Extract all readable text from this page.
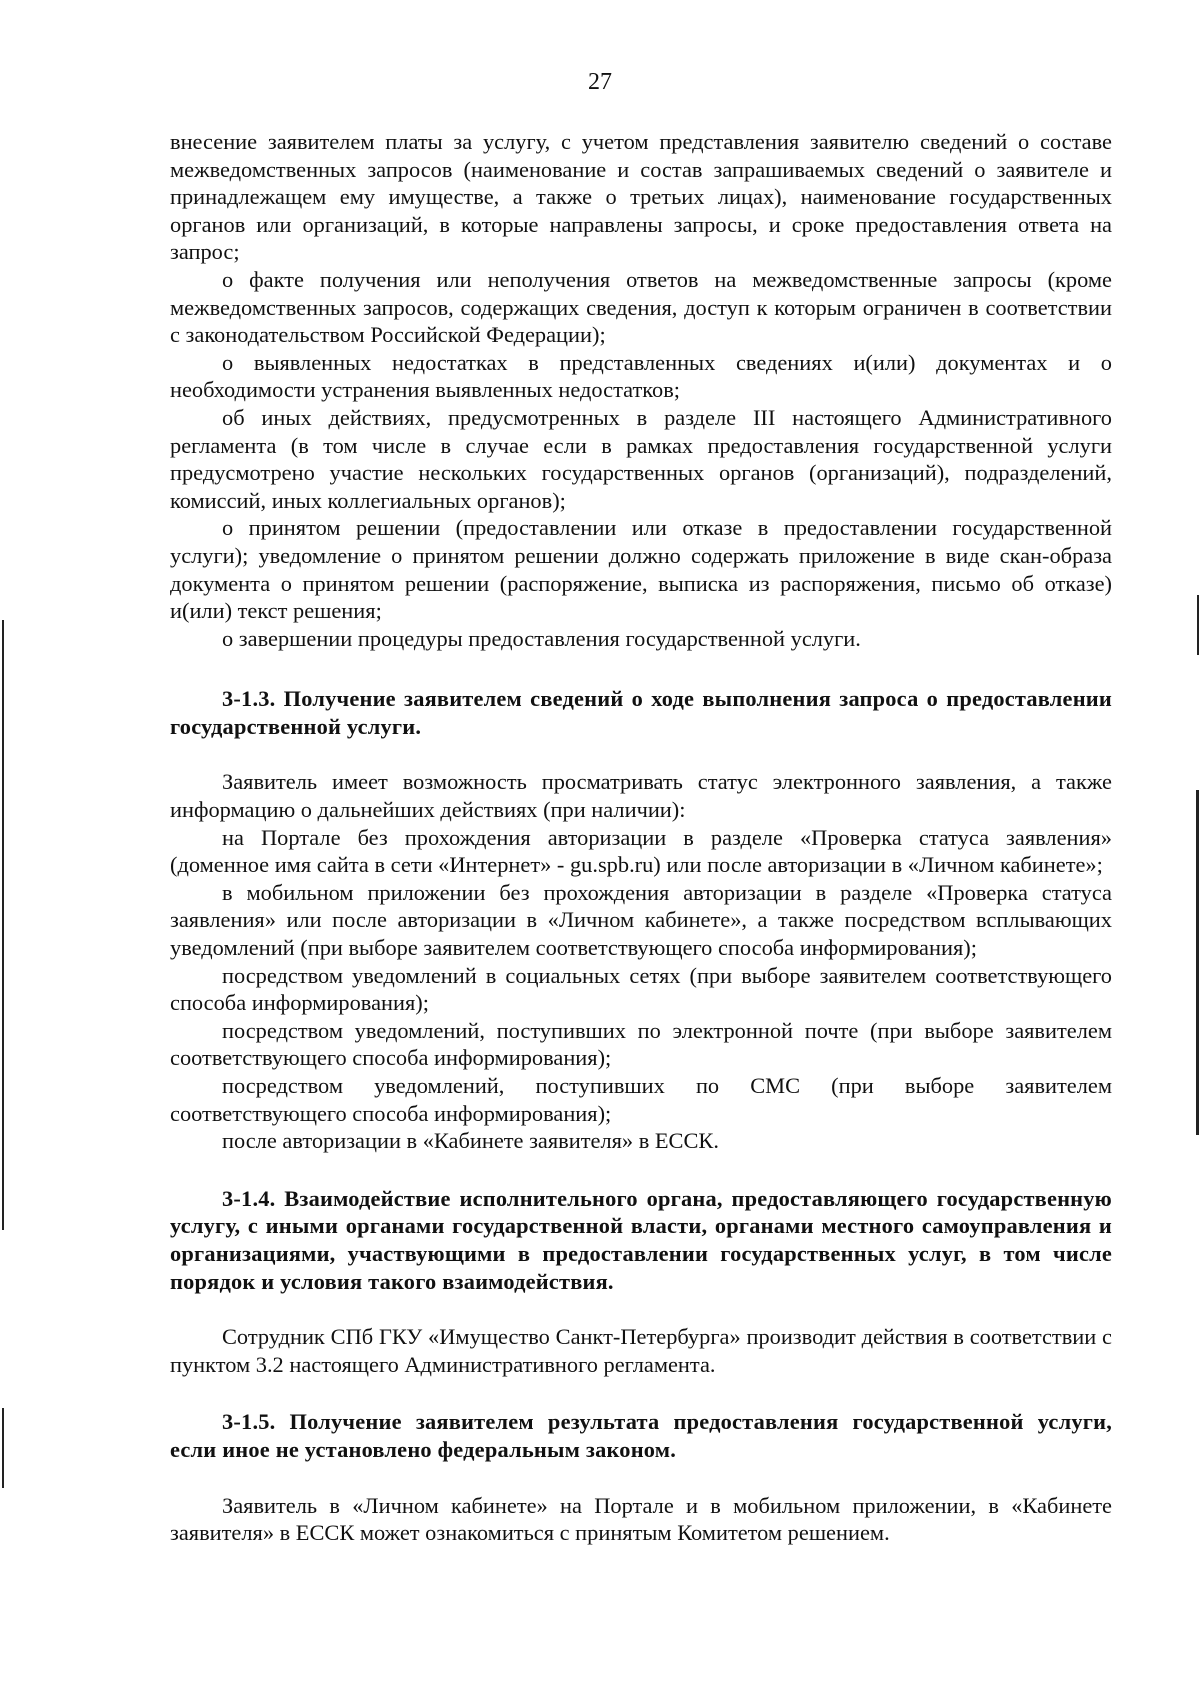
27

внесение заявителем платы за услугу, с учетом представления заявителю сведений о составе межведомственных запросов (наименование и состав запрашиваемых сведений о заявителе и принадлежащем ему имуществе, а также о третьих лицах), наименование государственных органов или организаций, в которые направлены запросы, и сроке предоставления ответа на запрос;

о факте получения или неполучения ответов на межведомственные запросы (кроме межведомственных запросов, содержащих сведения, доступ к которым ограничен в соответствии с законодательством Российской Федерации);

о выявленных недостатках в представленных сведениях и(или) документах и о необходимости устранения выявленных недостатков;

об иных действиях, предусмотренных в разделе III настоящего Административного регламента (в том числе в случае если в рамках предоставления государственной услуги предусмотрено участие нескольких государственных органов (организаций), подразделений, комиссий, иных коллегиальных органов);

о принятом решении (предоставлении или отказе в предоставлении государственной услуги); уведомление о принятом решении должно содержать приложение в виде скан-образа документа о принятом решении (распоряжение, выписка из распоряжения, письмо об отказе) и(или) текст решения;

о завершении процедуры предоставления государственной услуги.

3-1.3. Получение заявителем сведений о ходе выполнения запроса о предоставлении государственной услуги.

Заявитель имеет возможность просматривать статус электронного заявления, а также информацию о дальнейших действиях (при наличии):

на Портале без прохождения авторизации в разделе «Проверка статуса заявления» (доменное имя сайта в сети «Интернет» - gu.spb.ru) или после авторизации в «Личном кабинете»;

в мобильном приложении без прохождения авторизации в разделе «Проверка статуса заявления» или после авторизации в «Личном кабинете», а также посредством всплывающих уведомлений (при выборе заявителем соответствующего способа информирования);

посредством уведомлений в социальных сетях (при выборе заявителем соответствующего способа информирования);

посредством уведомлений, поступивших по электронной почте (при выборе заявителем соответствующего способа информирования);

посредством уведомлений, поступивших по СМС (при выборе заявителем соответствующего способа информирования);

после авторизации в «Кабинете заявителя» в ЕССК.

3-1.4. Взаимодействие исполнительного органа, предоставляющего государственную услугу, с иными органами государственной власти, органами местного самоуправления и организациями, участвующими в предоставлении государственных услуг, в том числе порядок и условия такого взаимодействия.

Сотрудник СПб ГКУ «Имущество Санкт-Петербурга» производит действия в соответствии с пунктом 3.2 настоящего Административного регламента.

3-1.5. Получение заявителем результата предоставления государственной услуги, если иное не установлено федеральным законом.

Заявитель в «Личном кабинете» на Портале и в мобильном приложении, в «Кабинете заявителя» в ЕССК может ознакомиться с принятым Комитетом решением.
